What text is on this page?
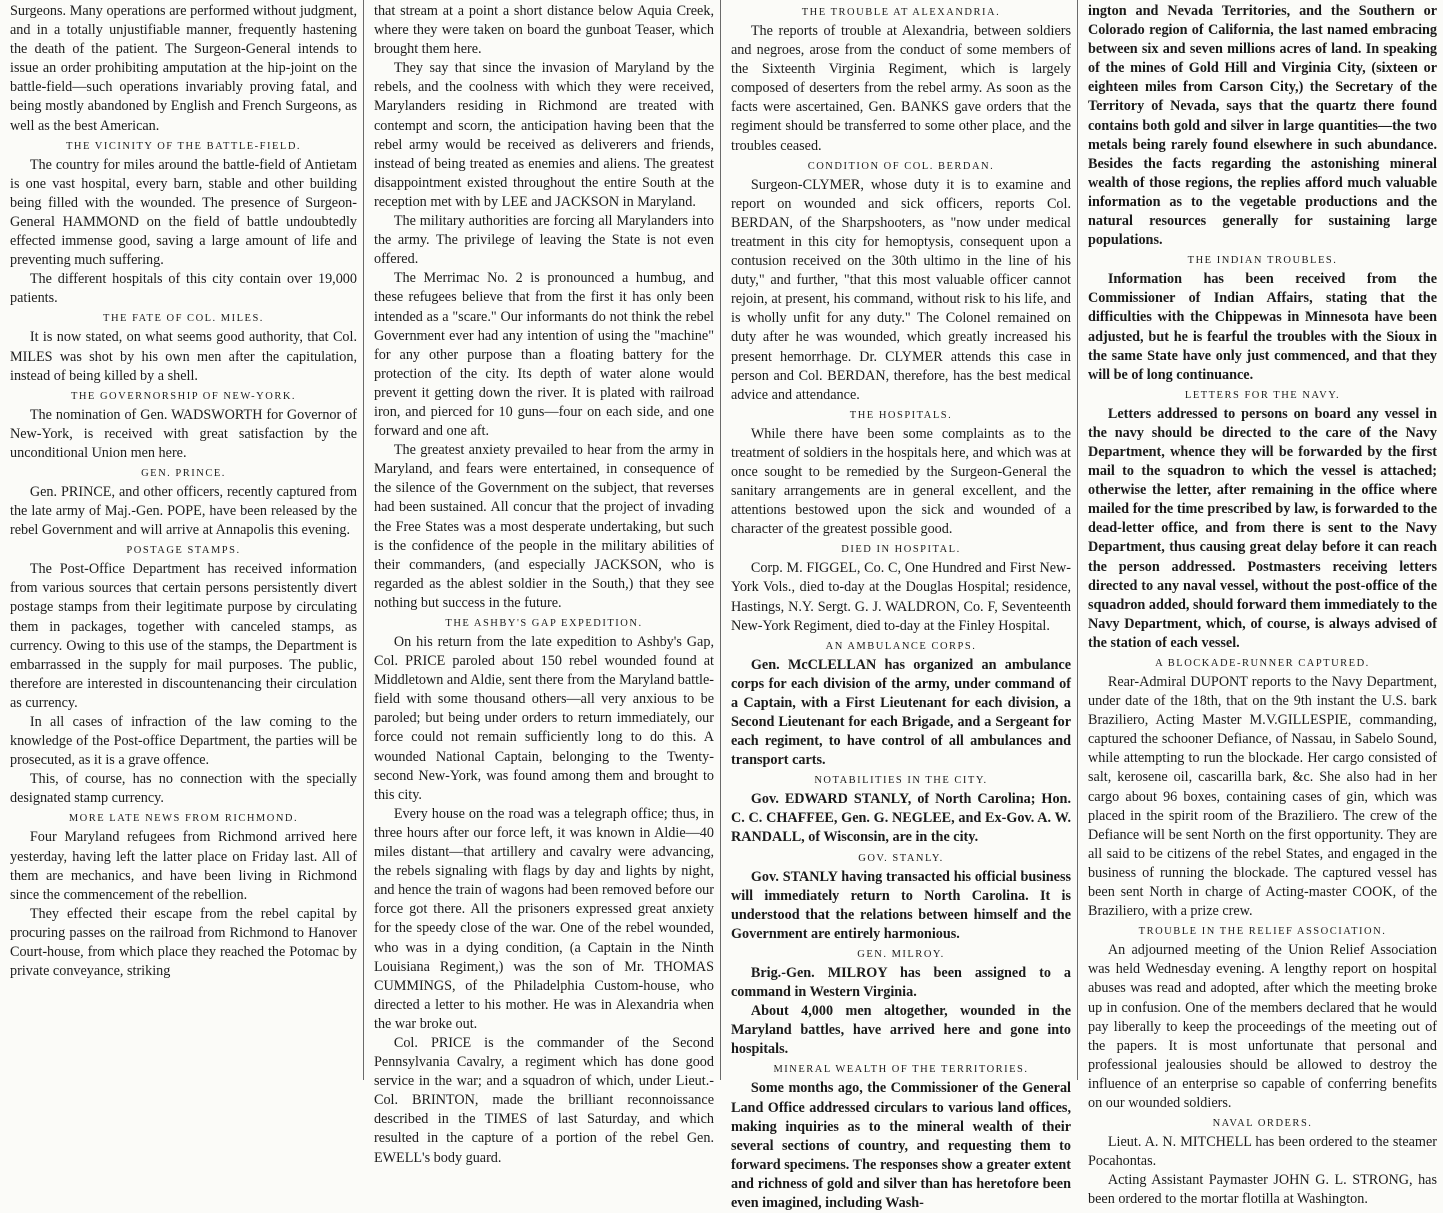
Surgeons. Many operations are performed without judgment, and in a totally unjustifiable manner, frequently hastening the death of the patient. The Surgeon-General intends to issue an order prohibiting amputation at the hip-joint on the battle-field—such operations invariably proving fatal, and being mostly abandoned by English and French Surgeons, as well as the best American.

THE VICINITY OF THE BATTLE-FIELD.

The country for miles around the battle-field of Antietam is one vast hospital, every barn, stable and other building being filled with the wounded. The presence of Surgeon-General HAMMOND on the field of battle undoubtedly effected immense good, saving a large amount of life and preventing much suffering.

The different hospitals of this city contain over 19,000 patients.

THE FATE OF COL. MILES.

It is now stated, on what seems good authority, that Col. MILES was shot by his own men after the capitulation, instead of being killed by a shell.

THE GOVERNORSHIP OF NEW-YORK.

The nomination of Gen. WADSWORTH for Governor of New-York, is received with great satisfaction by the unconditional Union men here.

GEN. PRINCE.

Gen. PRINCE, and other officers, recently captured from the late army of Maj.-Gen. POPE, have been released by the rebel Government and will arrive at Annapolis this evening.

POSTAGE STAMPS.

The Post-Office Department has received information from various sources that certain persons persistently divert postage stamps from their legitimate purpose by circulating them in packages, together with canceled stamps, as currency. Owing to this use of the stamps, the Department is embarrassed in the supply for mail purposes. The public, therefore are interested in discountenancing their circulation as currency.

In all cases of infraction of the law coming to the knowledge of the Post-office Department, the parties will be prosecuted, as it is a grave offence.

This, of course, has no connection with the specially designated stamp currency.

MORE LATE NEWS FROM RICHMOND.

Four Maryland refugees from Richmond arrived here yesterday, having left the latter place on Friday last. All of them are mechanics, and have been living in Richmond since the commencement of the rebellion.

They effected their escape from the rebel capital by procuring passes on the railroad from Richmond to Hanover Court-house, from which place they reached the Potomac by private conveyance, striking

that stream at a point a short distance below Aquia Creek, where they were taken on board the gunboat Teaser, which brought them here.

They say that since the invasion of Maryland by the rebels, and the coolness with which they were received, Marylanders residing in Richmond are treated with contempt and scorn, the anticipation having been that the rebel army would be received as deliverers and friends, instead of being treated as enemies and aliens. The greatest disappointment existed throughout the entire South at the reception met with by LEE and JACKSON in Maryland.

The military authorities are forcing all Marylanders into the army. The privilege of leaving the State is not even offered.

The Merrimac No. 2 is pronounced a humbug, and these refugees believe that from the first it has only been intended as a "scare." Our informants do not think the rebel Government ever had any intention of using the "machine" for any other purpose than a floating battery for the protection of the city. Its depth of water alone would prevent it getting down the river. It is plated with railroad iron, and pierced for 10 guns—four on each side, and one forward and one aft.

The greatest anxiety prevailed to hear from the army in Maryland, and fears were entertained, in consequence of the silence of the Government on the subject, that reverses had been sustained. All concur that the project of invading the Free States was a most desperate undertaking, but such is the confidence of the people in the military abilities of their commanders, (and especially JACKSON, who is regarded as the ablest soldier in the South,) that they see nothing but success in the future.

THE ASHBY'S GAP EXPEDITION.

On his return from the late expedition to Ashby's Gap, Col. PRICE paroled about 150 rebel wounded found at Middletown and Aldie, sent there from the Maryland battle-field with some thousand others—all very anxious to be paroled; but being under orders to return immediately, our force could not remain sufficiently long to do this. A wounded National Captain, belonging to the Twenty-second New-York, was found among them and brought to this city.

Every house on the road was a telegraph office; thus, in three hours after our force left, it was known in Aldie—40 miles distant—that artillery and cavalry were advancing, the rebels signaling with flags by day and lights by night, and hence the train of wagons had been removed before our force got there. All the prisoners expressed great anxiety for the speedy close of the war. One of the rebel wounded, who was in a dying condition, (a Captain in the Ninth Louisiana Regiment,) was the son of Mr. THOMAS CUMMINGS, of the Philadelphia Custom-house, who directed a letter to his mother. He was in Alexandria when the war broke out.

Col. PRICE is the commander of the Second Pennsylvania Cavalry, a regiment which has done good service in the war; and a squadron of which, under Lieut.-Col. BRINTON, made the brilliant reconnoissance described in the TIMES of last Saturday, and which resulted in the capture of a portion of the rebel Gen. EWELL's body guard.

THE TROUBLE AT ALEXANDRIA.

The reports of trouble at Alexandria, between soldiers and negroes, arose from the conduct of some members of the Sixteenth Virginia Regiment, which is largely composed of deserters from the rebel army. As soon as the facts were ascertained, Gen. BANKS gave orders that the regiment should be transferred to some other place, and the troubles ceased.

CONDITION OF COL. BERDAN.

Surgeon-CLYMER, whose duty it is to examine and report on wounded and sick officers, reports Col. BERDAN, of the Sharpshooters, as "now under medical treatment in this city for hemoptysis, consequent upon a contusion received on the 30th ultimo in the line of his duty," and further, "that this most valuable officer cannot rejoin, at present, his command, without risk to his life, and is wholly unfit for any duty." The Colonel remained on duty after he was wounded, which greatly increased his present hemorrhage. Dr. CLYMER attends this case in person and Col. BERDAN, therefore, has the best medical advice and attendance.

THE HOSPITALS.

While there have been some complaints as to the treatment of soldiers in the hospitals here, and which was at once sought to be remedied by the Surgeon-General the sanitary arrangements are in general excellent, and the attentions bestowed upon the sick and wounded of a character of the greatest possible good.

DIED IN HOSPITAL.

Corp. M. FIGGEL, Co. C, One Hundred and First New-York Vols., died to-day at the Douglas Hospital; residence, Hastings, N.Y. Sergt. G. J. WALDRON, Co. F, Seventeenth New-York Regiment, died to-day at the Finley Hospital.

AN AMBULANCE CORPS.

Gen. McCLELLAN has organized an ambulance corps for each division of the army, under command of a Captain, with a First Lieutenant for each division, a Second Lieutenant for each Brigade, and a Sergeant for each regiment, to have control of all ambulances and transport carts.

NOTABILITIES IN THE CITY.

Gov. EDWARD STANLY, of North Carolina; Hon. C. C. CHAFFEE, Gen. G. NEGLEE, and Ex-Gov. A. W. RANDALL, of Wisconsin, are in the city.

GOV. STANLY.

Gov. STANLY having transacted his official business will immediately return to North Carolina. It is understood that the relations between himself and the Government are entirely harmonious.

GEN. MILROY.

Brig.-Gen. MILROY has been assigned to a command in Western Virginia.

About 4,000 men altogether, wounded in the Maryland battles, have arrived here and gone into hospitals.

MINERAL WEALTH OF THE TERRITORIES.

Some months ago, the Commissioner of the General Land Office addressed circulars to various land offices, making inquiries as to the mineral wealth of their several sections of country, and requesting them to forward specimens. The responses show a greater extent and richness of gold and silver than has heretofore been even imagined, including Wash-

ington and Nevada Territories, and the Southern or Colorado region of California, the last named embracing between six and seven millions acres of land. In speaking of the mines of Gold Hill and Virginia City, (sixteen or eighteen miles from Carson City,) the Secretary of the Territory of Nevada, says that the quartz there found contains both gold and silver in large quantities—the two metals being rarely found elsewhere in such abundance. Besides the facts regarding the astonishing mineral wealth of those regions, the replies afford much valuable information as to the vegetable productions and the natural resources generally for sustaining large populations.

THE INDIAN TROUBLES.

Information has been received from the Commissioner of Indian Affairs, stating that the difficulties with the Chippewas in Minnesota have been adjusted, but he is fearful the troubles with the Sioux in the same State have only just commenced, and that they will be of long continuance.

LETTERS FOR THE NAVY.

Letters addressed to persons on board any vessel in the navy should be directed to the care of the Navy Department, whence they will be forwarded by the first mail to the squadron to which the vessel is attached; otherwise the letter, after remaining in the office where mailed for the time prescribed by law, is forwarded to the dead-letter office, and from there is sent to the Navy Department, thus causing great delay before it can reach the person addressed. Postmasters receiving letters directed to any naval vessel, without the post-office of the squadron added, should forward them immediately to the Navy Department, which, of course, is always advised of the station of each vessel.

A BLOCKADE-RUNNER CAPTURED.

Rear-Admiral DUPONT reports to the Navy Department, under date of the 18th, that on the 9th instant the U.S. bark Braziliero, Acting Master M.V.GILLESPIE, commanding, captured the schooner Defiance, of Nassau, in Sabelo Sound, while attempting to run the blockade. Her cargo consisted of salt, kerosene oil, cascarilla bark, &c. She also had in her cargo about 96 boxes, containing cases of gin, which was placed in the spirit room of the Braziliero. The crew of the Defiance will be sent North on the first opportunity. They are all said to be citizens of the rebel States, and engaged in the business of running the blockade. The captured vessel has been sent North in charge of Acting-master COOK, of the Braziliero, with a prize crew.

TROUBLE IN THE RELIEF ASSOCIATION.

An adjourned meeting of the Union Relief Association was held Wednesday evening. A lengthy report on hospital abuses was read and adopted, after which the meeting broke up in confusion. One of the members declared that he would pay liberally to keep the proceedings of the meeting out of the papers. It is most unfortunate that personal and professional jealousies should be allowed to destroy the influence of an enterprise so capable of conferring benefits on our wounded soldiers.

NAVAL ORDERS.

Lieut. A. N. MITCHELL has been ordered to the steamer Pocahontas.

Acting Assistant Paymaster JOHN G. L. STRONG, has been ordered to the mortar flotilla at Washington.
